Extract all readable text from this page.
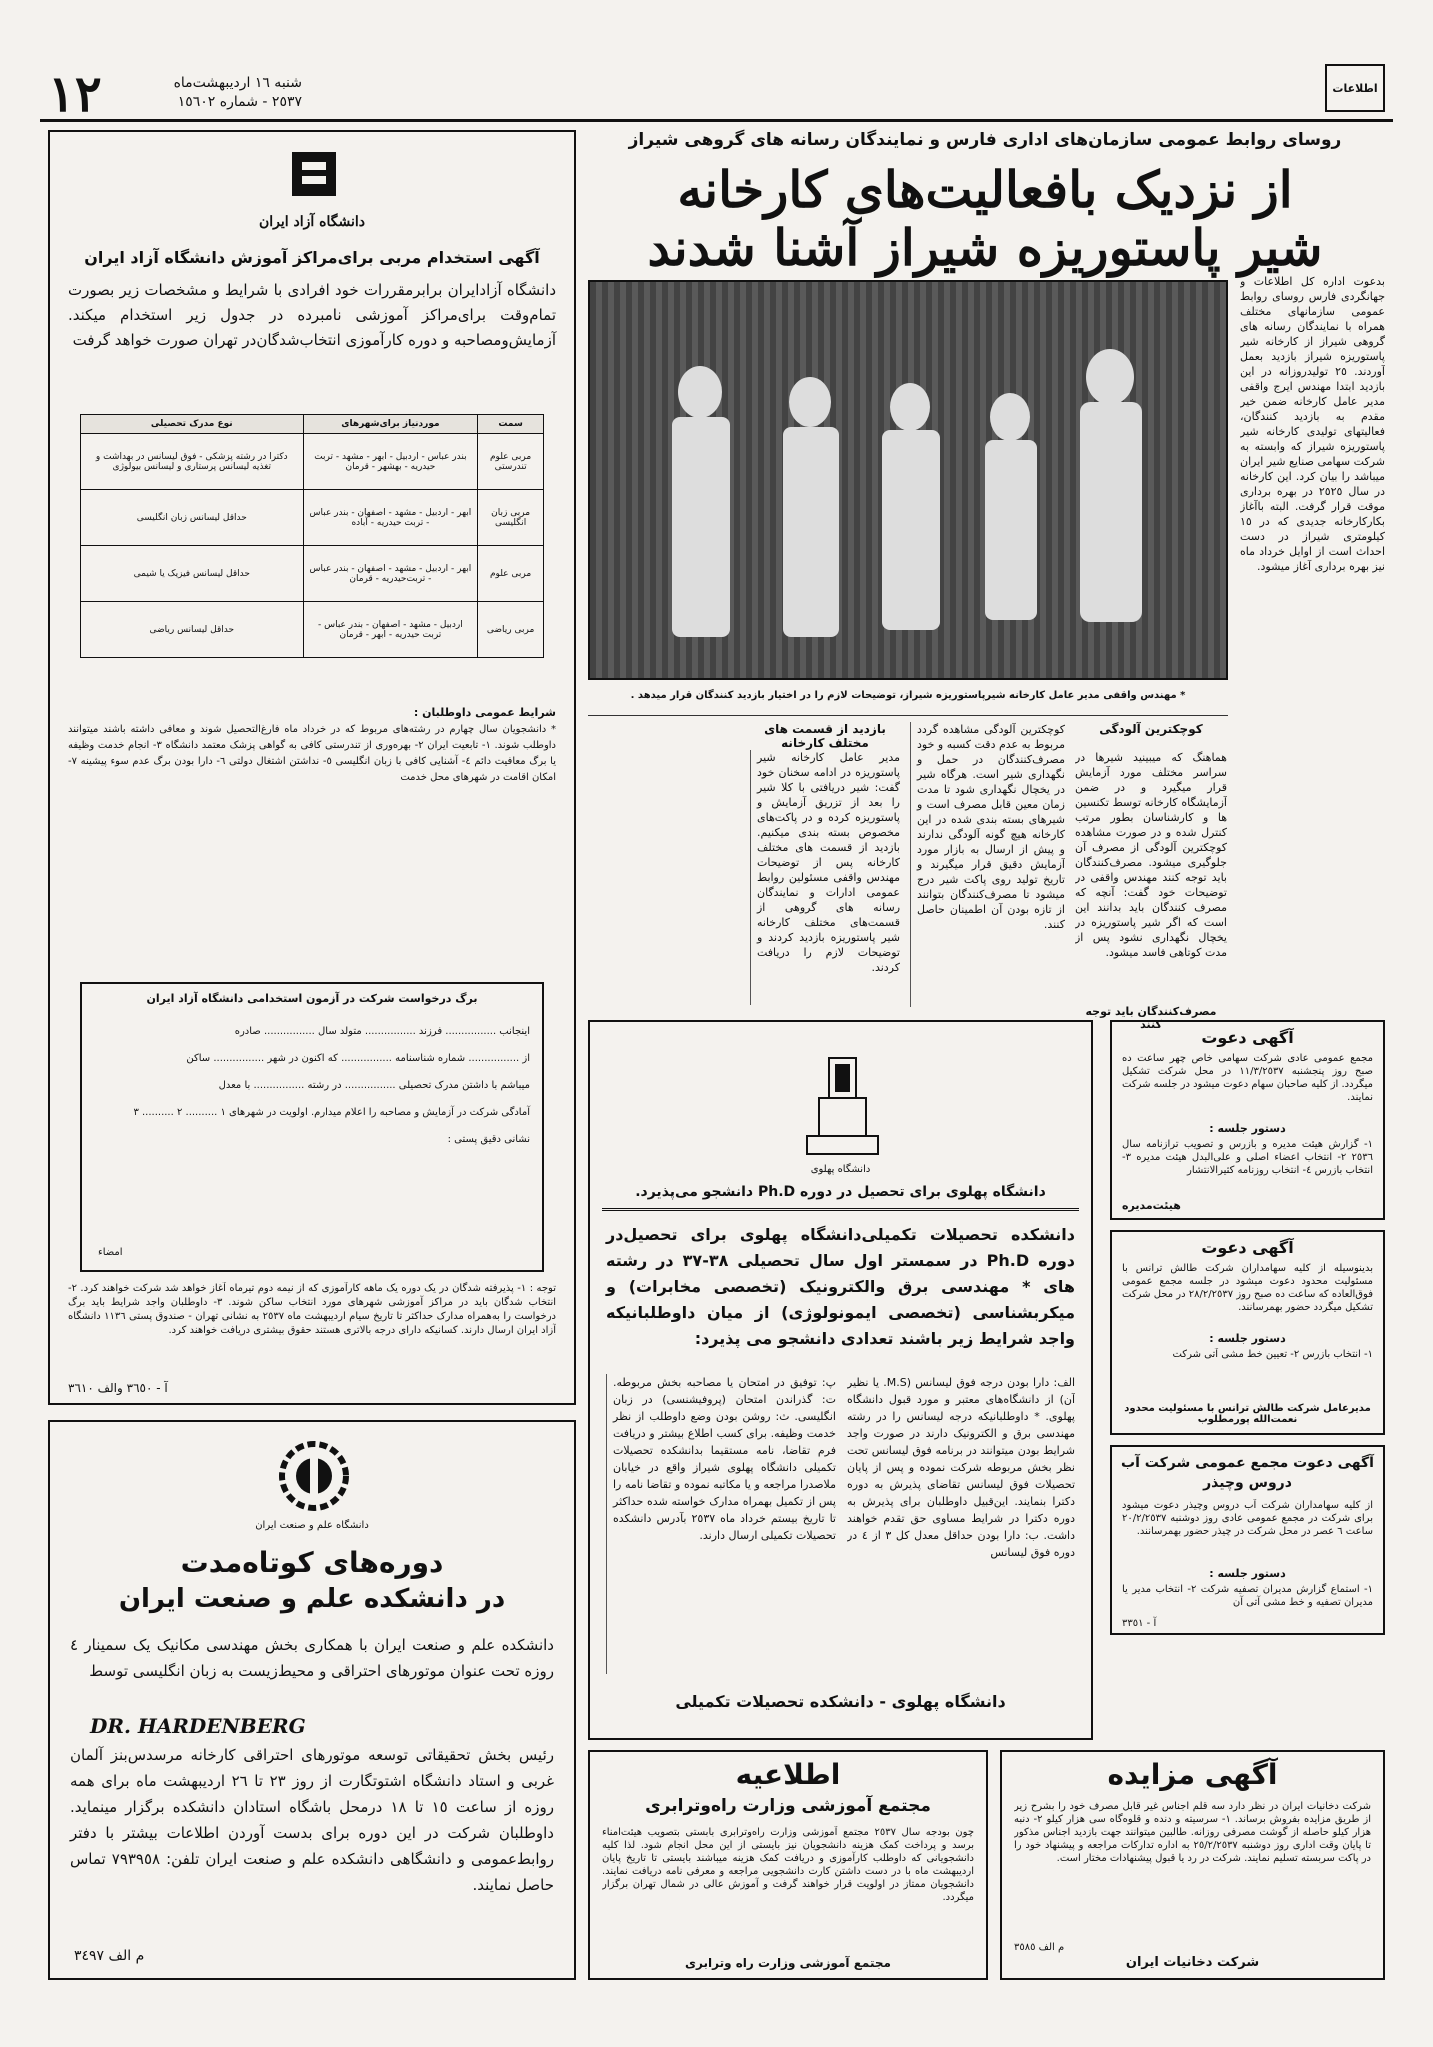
١٢	شنبه ١٦ اردیبهشت‌ماه
٢٥٣٧ - شماره ١٥٦٠٢
اطلاعات
روسای روابط عمومی سازمان‌های اداری فارس و نمایندگان رسانه های گروهی شیراز
از نزدیک بافعالیت‌های کارخانه
شیر پاستوریزه شیراز آشنا شدند
بدعوت اداره کل اطلاعات و جهانگردی فارس روسای روابط عمومی سازمانهای مختلف همراه با نمایندگان رسانه های گروهی شیراز از کارخانه شیر پاستوریزه شیراز بازدید بعمل آوردند. ٢٥ تولیدروزانه در این بازدید ابتدا مهندس ایرج واقفی مدیر عامل کارخانه ضمن خیر مقدم به بازدید کنندگان، فعالیتهای تولیدی کارخانه شیر پاستوریزه شیراز که وابسته به شرکت سهامی صنایع شیر ایران میباشد را بیان کرد. این کارخانه در سال ٢٥٢٥ در بهره برداری موقت قرار گرفت. البته باآغاز بکارکارخانه جدیدی که در ١٥ کیلومتری شیراز در دست احداث است از اوایل خرداد ماه نیز بهره برداری آغاز میشود.
* مهندس واقفی مدیر عامل کارخانه شیرپاستوریزه شیراز، توضیحات لازم را در اختیار بازدید کنندگان قرار میدهد .
کوچکترین آلودگی
هماهنگ که میبینید شیرها در سراسر مختلف مورد آزمایش قرار میگیرد و در ضمن آزمایشگاه کارخانه توسط تکنسین ها و کارشناسان بطور مرتب کنترل شده و در صورت مشاهده کوچکترین آلودگی از مصرف آن جلوگیری میشود. مصرف‌کنندگان باید توجه کنند مهندس واقفی در توضیحات خود گفت: آنچه که مصرف کنندگان باید بدانند این است که اگر شیر پاستوریزه در یخچال نگهداری نشود پس از مدت کوتاهی فاسد میشود.
مصرف‌کنندگان باید توجه کنند
کوچکترین آلودگی مشاهده گردد مربوط به عدم دقت کسبه و خود مصرف‌کنندگان در حمل و نگهداری شیر است. هرگاه شیر در یخچال نگهداری شود تا مدت زمان معین قابل مصرف است و شیرهای بسته بندی شده در این کارخانه هیچ گونه آلودگی ندارند و پیش از ارسال به بازار مورد آزمایش دقیق قرار میگیرند و تاریخ تولید روی پاکت شیر درج میشود تا مصرف‌کنندگان بتوانند از تازه بودن آن اطمینان حاصل کنند.
بازدید از قسمت های مختلف کارخانه
مدیر عامل کارخانه شیر پاستوریزه در ادامه سخنان خود گفت: شیر دریافتی با کلا شیر را بعد از تزریق آزمایش و پاستوریزه کرده و در پاکت‌های مخصوص بسته بندی میکنیم. بازدید از قسمت های مختلف کارخانه پس از توضیحات مهندس واقفی مسئولین روابط عمومی ادارات و نمایندگان رسانه های گروهی از قسمت‌های مختلف کارخانه شیر پاستوریزه بازدید کردند و توضیحات لازم را دریافت کردند.
دانشگاه آزاد ایران
آگهی استخدام مربی برای‌مراکز آموزش دانشگاه آزاد ایران
دانشگاه آزادایران برابرمقررات خود افرادی با شرایط و مشخصات زیر بصورت تمام‌وقت برای‌مراکز آموزشی نامبرده در جدول زیر استخدام میکند. آزمایش‌ومصاحبه و دوره کارآموزی انتخاب‌شدگان‌در تهران صورت خواهد گرفت
سمت	موردنیاز برای‌شهرهای	نوع مدرک تحصیلی
مربی علوم تندرستی	بندر عباس - اردبیل - ابهر - مشهد - تربت حیدریه - بهشهر - قرمان	دکترا در رشته پزشکی - فوق لیسانس در بهداشت و تغذیه لیسانس پرستاری و لیسانس بیولوژی
مربی زبان انگلیسی	ابهر - اردبیل - مشهد - اصفهان - بندر عباس - تربت حیدریه - آباده	حداقل لیسانس زبان انگلیسی
مربی علوم	ابهر - اردبیل - مشهد - اصفهان - بندر عباس - تربت‌حیدریه - قرمان	حداقل لیسانس فیزیک یا شیمی
مربی ریاضی	اردبیل - مشهد - اصفهان - بندر عباس - تربت حیدریه - ابهر - قرمان	حداقل لیسانس ریاضی
شرایط عمومی داوطلبان :
* دانشجویان سال چهارم در رشته‌های مربوط که در خرداد ماه فارغ‌التحصیل شوند و معافی داشته باشند میتوانند داوطلب شوند. ١- تابعیت ایران ٢- بهره‌وری از تندرستی کافی به گواهی پزشک معتمد دانشگاه ٣- انجام خدمت وظیفه یا برگ معافیت دائم ٤- آشنایی کافی با زبان انگلیسی ٥- نداشتن اشتغال دولتی ٦- دارا بودن برگ عدم سوء پیشینه ٧- امکان اقامت در شهرهای محل خدمت
برگ درخواست شرکت در آزمون استخدامی دانشگاه آزاد ایران
اینجانب ................ فرزند ................ متولد سال ................ صادره
از ................ شماره شناسنامه ................ که اکنون در شهر ................ ساکن
میباشم با داشتن مدرک تحصیلی ................ در رشته ................ با معدل
آمادگی شرکت در آزمایش و مصاحبه را اعلام میدارم. اولویت در شهرهای ١ .......... ٢ .......... ٣
نشانی دقیق پستی :
امضاء
توجه : ١- پذیرفته شدگان در یک دوره یک ماهه کارآموزی که از نیمه دوم تیرماه آغاز خواهد شد شرکت خواهند کرد. ٢- انتخاب شدگان باید در مراکز آموزشی شهرهای مورد انتخاب ساکن شوند. ٣- داوطلبان واجد شرایط باید برگ درخواست را به‌همراه مدارک حداکثر تا تاریخ سیام اردیبهشت ماه ٢٥٣٧ به نشانی تهران - صندوق پستی ١١٣٦ دانشگاه آزاد ایران ارسال دارند. کسانیکه دارای درجه بالاتری هستند حقوق بیشتری دریافت خواهند کرد.
آ - ٣٦٥٠ والف ٣٦١٠
دانشگاه پهلوی
دانشگاه پهلوی برای تحصیل در دوره Ph.D دانشجو می‌پذیرد.
دانشکده تحصیلات تکمیلی‌دانشگاه پهلوی برای تحصیل‌در دوره Ph.D در سمستر اول سال تحصیلی ٣٨-٣٧ در رشته های * مهندسی برق والکترونیک (تخصصی مخابرات) و میکربشناسی (تخصصی ایمونولوژی) از میان داوطلبانیکه واجد شرایط زیر باشند تعدادی دانشجو می پذیرد:
الف: دارا بودن درجه فوق لیسانس (M.S. یا نظیر آن) از دانشگاه‌های معتبر و مورد قبول دانشگاه پهلوی. * داوطلبانیکه درجه لیسانس را در رشته مهندسی برق و الکترونیک دارند در صورت واجد شرایط بودن میتوانند در برنامه فوق لیسانس تحت نظر بخش مربوطه شرکت نموده و پس از پایان تحصیلات فوق لیسانس تقاضای پذیرش به دوره دکترا بنمایند. این‌قبیل داوطلبان برای پذیرش به دوره دکترا در شرایط مساوی حق تقدم خواهند داشت. ب: دارا بودن حداقل معدل کل ٣ از ٤ در دوره فوق لیسانس
پ: توفیق در امتحان یا مصاحبه بخش مربوطه. ت: گذراندن امتحان (پروفیشنسی) در زبان انگلیسی. ث: روشن بودن وضع داوطلب از نظر خدمت وظیفه. برای کسب اطلاع بیشتر و دریافت فرم تقاضا، نامه مستقیما بدانشکده تحصیلات تکمیلی دانشگاه پهلوی شیراز واقع در خیابان ملاصدرا مراجعه و یا مکاتبه نموده و تقاضا نامه را پس از تکمیل بهمراه مدارک خواسته شده حداکثر تا تاریخ بیستم خرداد ماه ٢٥٣٧ بآدرس دانشکده تحصیلات تکمیلی ارسال دارند.
دانشگاه پهلوی - دانشکده تحصیلات تکمیلی
آگهی دعوت
مجمع عمومی عادی شرکت سهامی خاص چهر ساعت ده صبح روز پنجشنبه ١١/٣/٢٥٣٧ در محل شرکت تشکیل میگردد. از کلیه صاحبان سهام دعوت میشود در جلسه شرکت نمایند.
دستور جلسه :
١- گزارش هیئت مدیره و بازرس و تصویب ترازنامه سال ٢٥٣٦ ٢- انتخاب اعضاء اصلی و علی‌البدل هیئت مدیره ٣- انتخاب بازرس ٤- انتخاب روزنامه کثیرالانتشار
هیئت‌مدیره
آگهی دعوت
بدینوسیله از کلیه سهامداران شرکت طالش ترانس با مسئولیت محدود دعوت میشود در جلسه مجمع عمومی فوق‌العاده که ساعت ده صبح روز ٢٨/٢/٢٥٣٧ در محل شرکت تشکیل میگردد حضور بهمرسانند.
دستور جلسه :
١- انتخاب بازرس ٢- تعیین خط مشی آتی شرکت
مدیرعامل شرکت طالش ترانس با مسئولیت محدود نعمت‌الله پورمطلوب
آگهی دعوت مجمع عمومی شرکت آب دروس وچیذر
از کلیه سهامداران شرکت آب دروس وچیذر دعوت میشود برای شرکت در مجمع عمومی عادی روز دوشنبه ٢٠/٢/٢٥٣٧ ساعت ٦ عصر در محل شرکت در چیذر حضور بهمرسانند.
دستور جلسه :
١- استماع گزارش مدیران تصفیه شرکت ٢- انتخاب مدیر یا مدیران تصفیه و خط مشی آتی آن
آ - ٣٣٥١
دانشگاه علم و صنعت ایران
دوره‌های کوتاه‌مدت
در دانشکده علم و صنعت ایران
دانشکده علم و صنعت ایران با همکاری بخش مهندسی مکانیک یک سمینار ٤ روزه تحت عنوان موتورهای احتراقی و محیط‌زیست به زبان انگلیسی توسط
DR. HARDENBERG
رئیس بخش تحقیقاتی توسعه موتورهای احتراقی کارخانه مرسدس‌بنز آلمان غربی و استاد دانشگاه اشتوتگارت از روز ٢٣ تا ٢٦ اردیبهشت ماه برای همه روزه از ساعت ١٥ تا ١٨ درمحل باشگاه استادان دانشکده برگزار مینماید. داوطلبان شرکت در این دوره برای بدست آوردن اطلاعات بیشتر با دفتر روابط‌عمومی و دانشگاهی دانشکده علم و صنعت ایران تلفن: ٧٩٣٩٥٨ تماس حاصل نمایند.
م الف ٣٤٩٧
اطلاعیه
مجتمع آموزشی وزارت راه‌وترابری
چون بودجه سال ٢٥٣٧ مجتمع آموزشی وزارت راه‌وترابری بابستی بتصویب هیئت‌امناء برسد و پرداخت کمک هزینه دانشجویان نیز بایستی از این محل انجام شود. لذا کلیه دانشجویانی که داوطلب کارآموزی و دریافت کمک هزینه میباشند بایستی تا تاریخ پایان اردیبهشت ماه با در دست داشتن کارت دانشجویی مراجعه و معرفی نامه دریافت نمایند. دانشجویان ممتاز در اولویت قرار خواهند گرفت و آموزش عالی در شمال تهران برگزار میگردد.
مجتمع آموزشی وزارت راه وترابری
آگهی مزایده
شرکت دخانیات ایران در نظر دارد سه قلم اجناس غیر قابل مصرف خود را بشرح زیر از طریق مزایده بفروش برساند. ١- سرسیته و دنده و قلوه‌گاه سی هزار کیلو ٢- دنبه هزار کیلو حاصله از گوشت مصرفی روزانه. طالبین میتوانند جهت بازدید اجناس مذکور تا پایان وقت اداری روز دوشنبه ٢٥/٢/٢٥٣٧ به اداره تدارکات مراجعه و پیشنهاد خود را در پاکت سربسته تسلیم نمایند. شرکت در رد یا قبول پیشنهادات مختار است.
م الف ٣٥٨٥
شرکت دخانیات ایران
